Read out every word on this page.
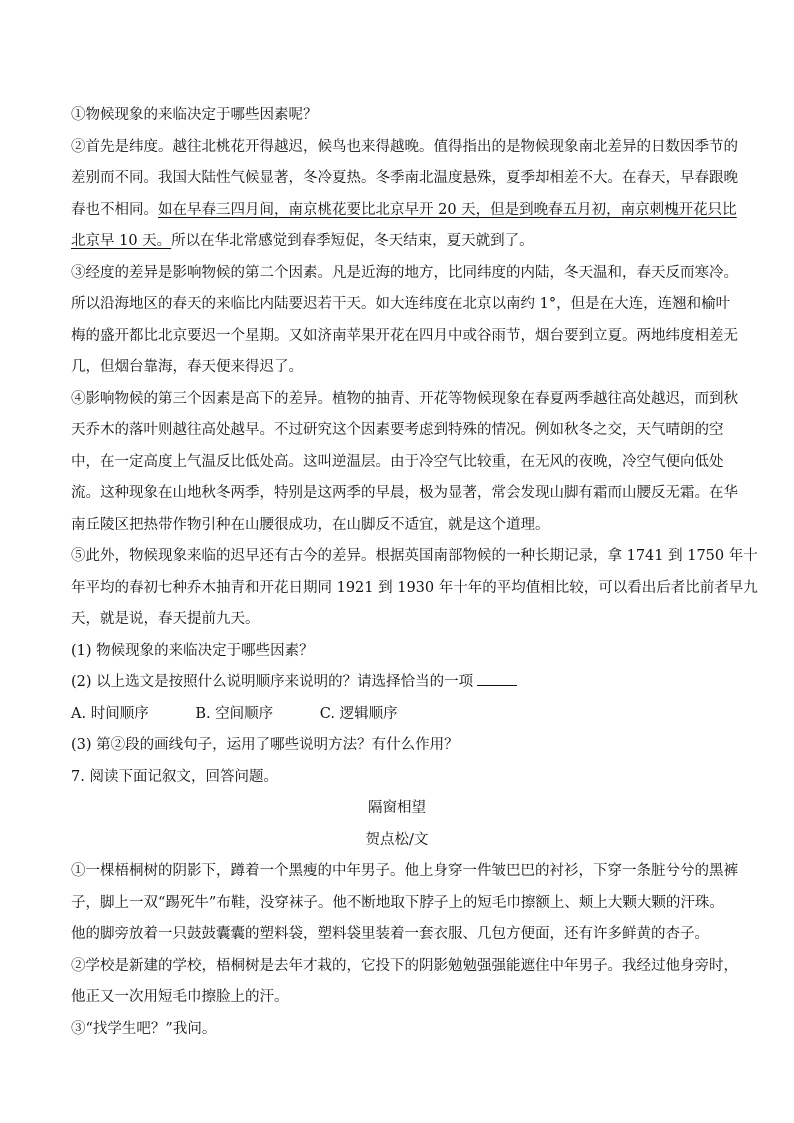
①物候现象的来临决定于哪些因素呢？
②首先是纬度。越往北桃花开得越迟，候鸟也来得越晚。值得指出的是物候现象南北差异的日数因季节的
差别而不同。我国大陆性气候显著，冬冷夏热。冬季南北温度悬殊，夏季却相差不大。在春天，早春跟晚
春也不相同。如在早春三四月间，南京桃花要比北京早开 20 天，但是到晚春五月初，南京刺槐开花只比
北京早 10 天。所以在华北常感觉到春季短促，冬天结束，夏天就到了。
③经度的差异是影响物候的第二个因素。凡是近海的地方，比同纬度的内陆，冬天温和，春天反而寒冷。
所以沿海地区的春天的来临比内陆要迟若干天。如大连纬度在北京以南约 1°，但是在大连，连翘和榆叶
梅的盛开都比北京要迟一个星期。又如济南苹果开花在四月中或谷雨节，烟台要到立夏。两地纬度相差无
几，但烟台靠海，春天便来得迟了。
④影响物候的第三个因素是高下的差异。植物的抽青、开花等物候现象在春夏两季越往高处越迟，而到秋
天乔木的落叶则越往高处越早。不过研究这个因素要考虑到特殊的情况。例如秋冬之交，天气晴朗的空
中，在一定高度上气温反比低处高。这叫逆温层。由于冷空气比较重，在无风的夜晚，冷空气便向低处
流。这种现象在山地秋冬两季，特别是这两季的早晨，极为显著，常会发现山脚有霜而山腰反无霜。在华
南丘陵区把热带作物引种在山腰很成功，在山脚反不适宜，就是这个道理。
⑤此外，物候现象来临的迟早还有古今的差异。根据英国南部物候的一种长期记录，拿 1741 到 1750 年十
年平均的春初七种乔木抽青和开花日期同 1921 到 1930 年十年的平均值相比较，可以看出后者比前者早九
天，就是说，春天提前九天。
(1) 物候现象的来临决定于哪些因素？
(2) 以上选文是按照什么说明顺序来说明的？请选择恰当的一项
A. 时间顺序	B. 空间顺序	C. 逻辑顺序
(3) 第②段的画线句子，运用了哪些说明方法？有什么作用？
7. 阅读下面记叙文，回答问题。
隔窗相望
贺点松/文
①一棵梧桐树的阴影下，蹲着一个黑瘦的中年男子。他上身穿一件皱巴巴的衬衫，下穿一条脏兮兮的黑裤
子，脚上一双“踢死牛”布鞋，没穿袜子。他不断地取下脖子上的短毛巾擦额上、颊上大颗大颗的汗珠。
他的脚旁放着一只鼓鼓囊囊的塑料袋，塑料袋里装着一套衣服、几包方便面，还有许多鲜黄的杏子。
②学校是新建的学校，梧桐树是去年才栽的，它投下的阴影勉勉强强能遮住中年男子。我经过他身旁时，
他正又一次用短毛巾擦脸上的汗。
③“找学生吧？”我问。
